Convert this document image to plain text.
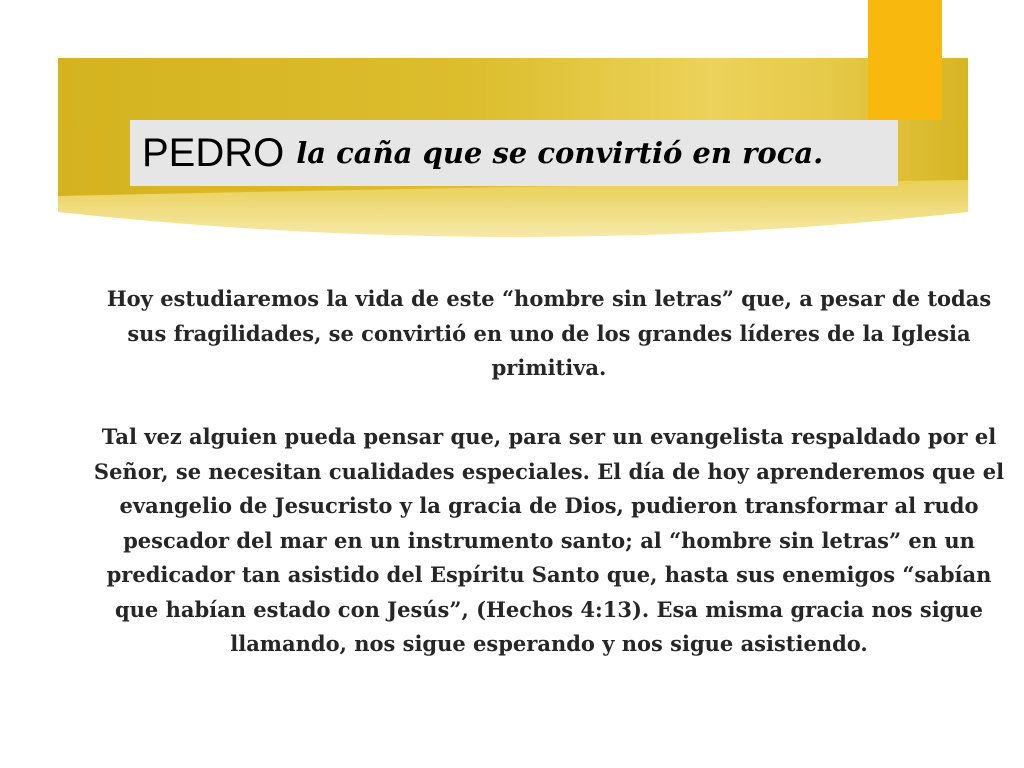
PEDRO la caña que se convirtió en roca.

Hoy estudiaremos la vida de este “hombre sin letras” que, a pesar de todas sus fragilidades, se convirtió en uno de los grandes líderes de la Iglesia primitiva.

Tal vez alguien pueda pensar que, para ser un evangelista respaldado por el Señor, se necesitan cualidades especiales. El día de hoy aprenderemos que el evangelio de Jesucristo y la gracia de Dios, pudieron transformar al rudo pescador del mar en un instrumento santo; al “hombre sin letras” en un predicador tan asistido del Espíritu Santo que, hasta sus enemigos “sabían que habían estado con Jesús”, (Hechos 4:13). Esa misma gracia nos sigue llamando, nos sigue esperando y nos sigue asistiendo.
